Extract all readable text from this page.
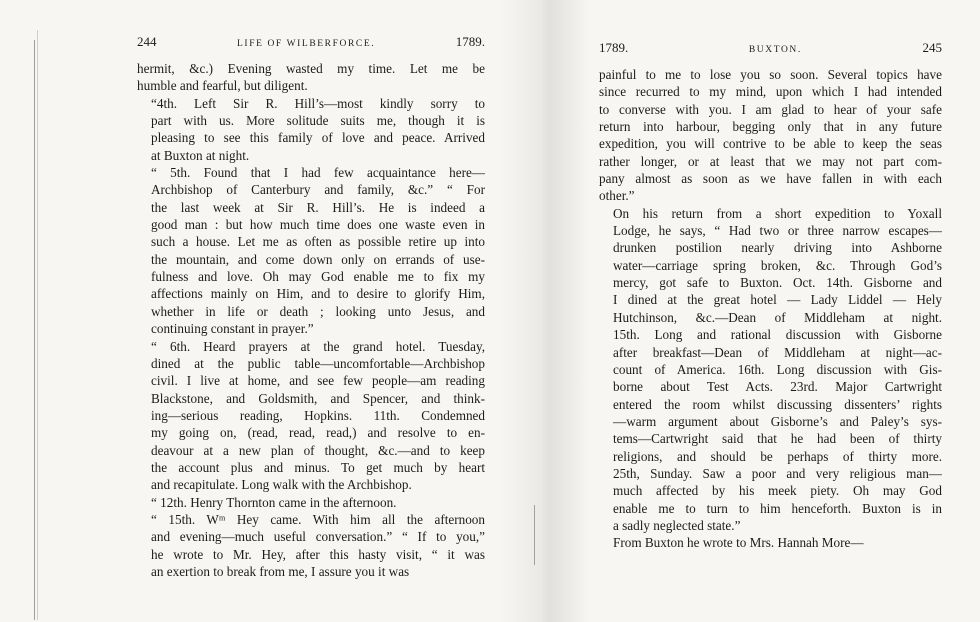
244	LIFE OF WILBERFORCE.	1789.

hermit, &c.) Evening wasted my time. Let me be
humble and fearful, but diligent.

“4th. Left Sir R. Hill’s—most kindly sorry to
part with us. More solitude suits me, though it is
pleasing to see this family of love and peace. Arrived
at Buxton at night.

“ 5th. Found that I had few acquaintance here—
Archbishop of Canterbury and family, &c.” “ For
the last week at Sir R. Hill’s. He is indeed a
good man : but how much time does one waste even in
such a house. Let me as often as possible retire up into
the mountain, and come down only on errands of use-
fulness and love. Oh may God enable me to fix my
affections mainly on Him, and to desire to glorify Him,
whether in life or death ; looking unto Jesus, and
continuing constant in prayer.”

“ 6th. Heard prayers at the grand hotel. Tuesday,
dined at the public table—uncomfortable—Archbishop
civil. I live at home, and see few people—am reading
Blackstone, and Goldsmith, and Spencer, and think-
ing—serious reading, Hopkins. 11th. Condemned
my going on, (read, read, read,) and resolve to en-
deavour at a new plan of thought, &c.—and to keep
the account plus and minus. To get much by heart
and recapitulate. Long walk with the Archbishop.

“ 12th. Henry Thornton came in the afternoon.

“ 15th. Wᵐ Hey came. With him all the afternoon
and evening—much useful conversation.” “ If to you,”
he wrote to Mr. Hey, after this hasty visit, “ it was
an exertion to break from me, I assure you it was

1789.	BUXTON.	245

painful to me to lose you so soon. Several topics have
since recurred to my mind, upon which I had intended
to converse with you. I am glad to hear of your safe
return into harbour, begging only that in any future
expedition, you will contrive to be able to keep the seas
rather longer, or at least that we may not part com-
pany almost as soon as we have fallen in with each
other.”

On his return from a short expedition to Yoxall
Lodge, he says, “ Had two or three narrow escapes—
drunken postilion nearly driving into Ashborne
water—carriage spring broken, &c. Through God’s
mercy, got safe to Buxton. Oct. 14th. Gisborne and
I dined at the great hotel — Lady Liddel — Hely
Hutchinson, &c.—Dean of Middleham at night.
15th. Long and rational discussion with Gisborne
after breakfast—Dean of Middleham at night—ac-
count of America. 16th. Long discussion with Gis-
borne about Test Acts. 23rd. Major Cartwright
entered the room whilst discussing dissenters’ rights
—warm argument about Gisborne’s and Paley’s sys-
tems—Cartwright said that he had been of thirty
religions, and should be perhaps of thirty more.
25th, Sunday. Saw a poor and very religious man—
much affected by his meek piety. Oh may God
enable me to turn to him henceforth. Buxton is in
a sadly neglected state.”

From Buxton he wrote to Mrs. Hannah More—
